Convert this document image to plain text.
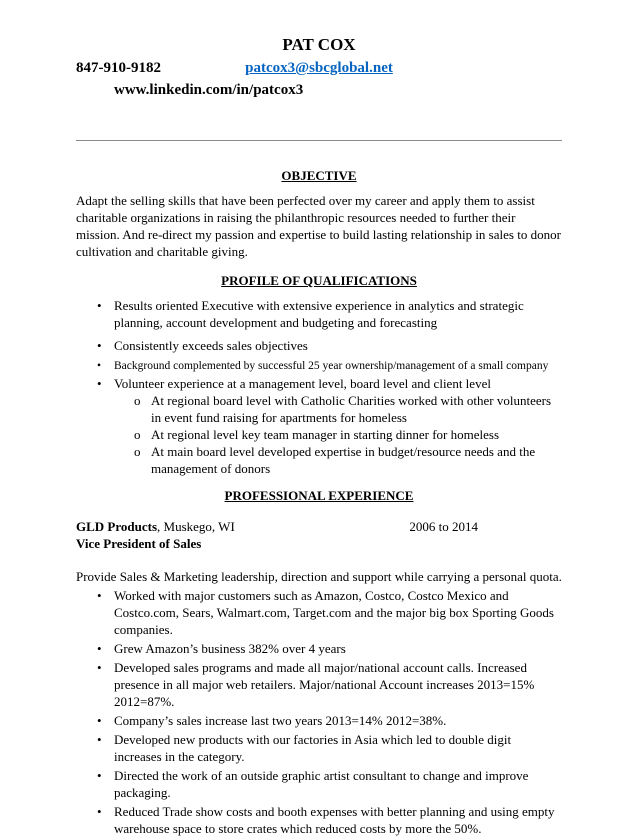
PAT COX
847-910-9182	patcox3@sbcglobal.net
www.linkedin.com/in/patcox3
OBJECTIVE

Adapt the selling skills that have been perfected over my career and apply them to assist charitable organizations in raising the philanthropic resources needed to further their mission. And re-direct my passion and expertise to build lasting relationship in sales to donor cultivation and charitable giving.

PROFILE OF QUALIFICATIONS
• Results oriented Executive with extensive experience in analytics and strategic planning, account development and budgeting and forecasting
• Consistently exceeds sales objectives
•	Background complemented by successful 25 year ownership/management of a small company
• Volunteer experience at a management level, board level and client level
o At regional board level with Catholic Charities worked with other volunteers in event fund raising for apartments for homeless
o At regional level key team manager in starting dinner for homeless
o At main board level developed expertise in budget/resource needs and the management of donors
PROFESSIONAL EXPERIENCE
GLD Products, Muskego, WI	2006 to 2014
Vice President of Sales

Provide Sales & Marketing leadership, direction and support while carrying a personal quota.

• Worked with major customers such as Amazon, Costco, Costco Mexico and Costco.com, Sears, Walmart.com, Target.com and the major big box Sporting Goods companies.
• Grew Amazon’s business 382% over 4 years
• Developed sales programs and made all major/national account calls. Increased presence in all major web retailers. Major/national Account increases 2013=15% 2012=87%.
• Company’s sales increase last two years 2013=14% 2012=38%.
• Developed new products with our factories in Asia which led to double digit increases in the category.
• Directed the work of an outside graphic artist consultant to change and improve packaging.
• Reduced Trade show costs and booth expenses with better planning and using empty warehouse space to store crates which reduced costs by more the 50%.
